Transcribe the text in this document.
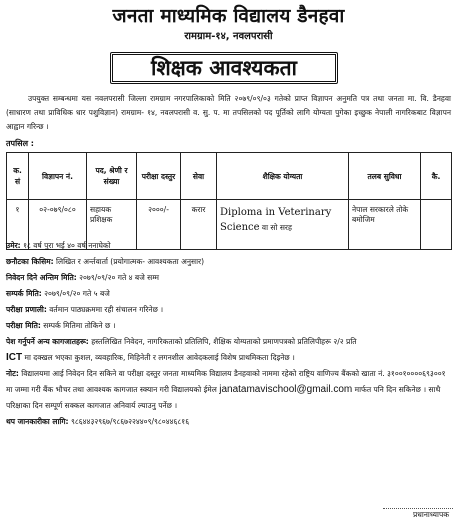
जनता माध्यमिक विद्यालय डैनहवा
रामग्राम-१४, नवलपरासी
शिक्षक आवश्यकता
उपयुक्त सम्बन्धमा यस नवलपरासी जिल्ला रामग्राम नगरपालिकाको मिति २०७९/०९/०३ गतेको प्राप्त विज्ञापन अनुमति पत्र तथा जनता मा. वि. डैनहवा (साधारण तथा प्राविधिक धार पशुविज्ञान) रामग्राम- १४, नवलपरासी व. सु. प. मा तपसिलको पद पूर्तिको लागि योग्यता पुगेका इच्छुक नेपाली नागरिकबाट विज्ञापन आह्वान गरिन्छ ।
तपसिल :
क. सं	विज्ञापन नं.	पद, श्रेणी र संख्या	परीक्षा दस्तुर	सेवा	शैक्षिक योग्यता	तलब सुविधा	कै.
१	०२-०७९/०८०	सहायक प्रशिक्षक	२०००/-	करार	Diploma in Veterinary Science वा सो सरह	नेपाल सरकारले तोके बमोजिम	

उमेर: १८ वर्ष पुरा भई ४० वर्ष ननाघेको

छनौटका किसिम: लिखित र अर्न्तवार्ता (प्रयोगात्मक- आवश्यकता अनुसार)

निवेदन दिने अन्तिम मिति: २०७९/०९/२० गते ४ बजे सम्म

सम्पर्क मिति: २०७९/०९/२० गते ५ बजे

परीक्षा प्रणाली: वर्तमान पाठ्यक्रममा रही संचालन गरिनेछ ।

परीक्षा मिति: सम्पर्क मितिमा तोकिने छ ।

पेश गर्नुपर्ने अन्य कागजातहरू: हस्तलिखित निवेदन, नागरिकताको प्रतिलिपि, शैक्षिक योग्यताको प्रमाणपत्रको प्रतिलिपीहरू २/२ प्रति

ICT मा दक्खल भएका कुशल, व्यवहारिक, मिहिनेती र लगनशील आवेदकलाई विशेष प्राथमिकता दिइनेछ ।

नोट: विद्यालयमा आई निवेदन दिन सकिने वा परीक्षा दस्तुर जनता माध्यमिक विद्यालय डैनहवाको नाममा रहेको राष्ट्रिय वाणिज्य बैंकको खाता नं. ३१००१००००६९३००१ मा जम्मा गरी बैंक भौचर तथा आवश्यक कागजात स्क्यान गरी विद्यालयको ईमेल janatamavischool@gmail.com मार्फत पनि दिन सकिनेछ । साथै परिक्षाका दिन सम्पूर्ण सक्कल कागजात अनिवार्य ल्याउनु पर्नेछ ।

थप जानकारीका लागि: ९८६४४३२९६७/९८६७२२४४०९/९८०४४६८१६

प्रधानाध्यापक
